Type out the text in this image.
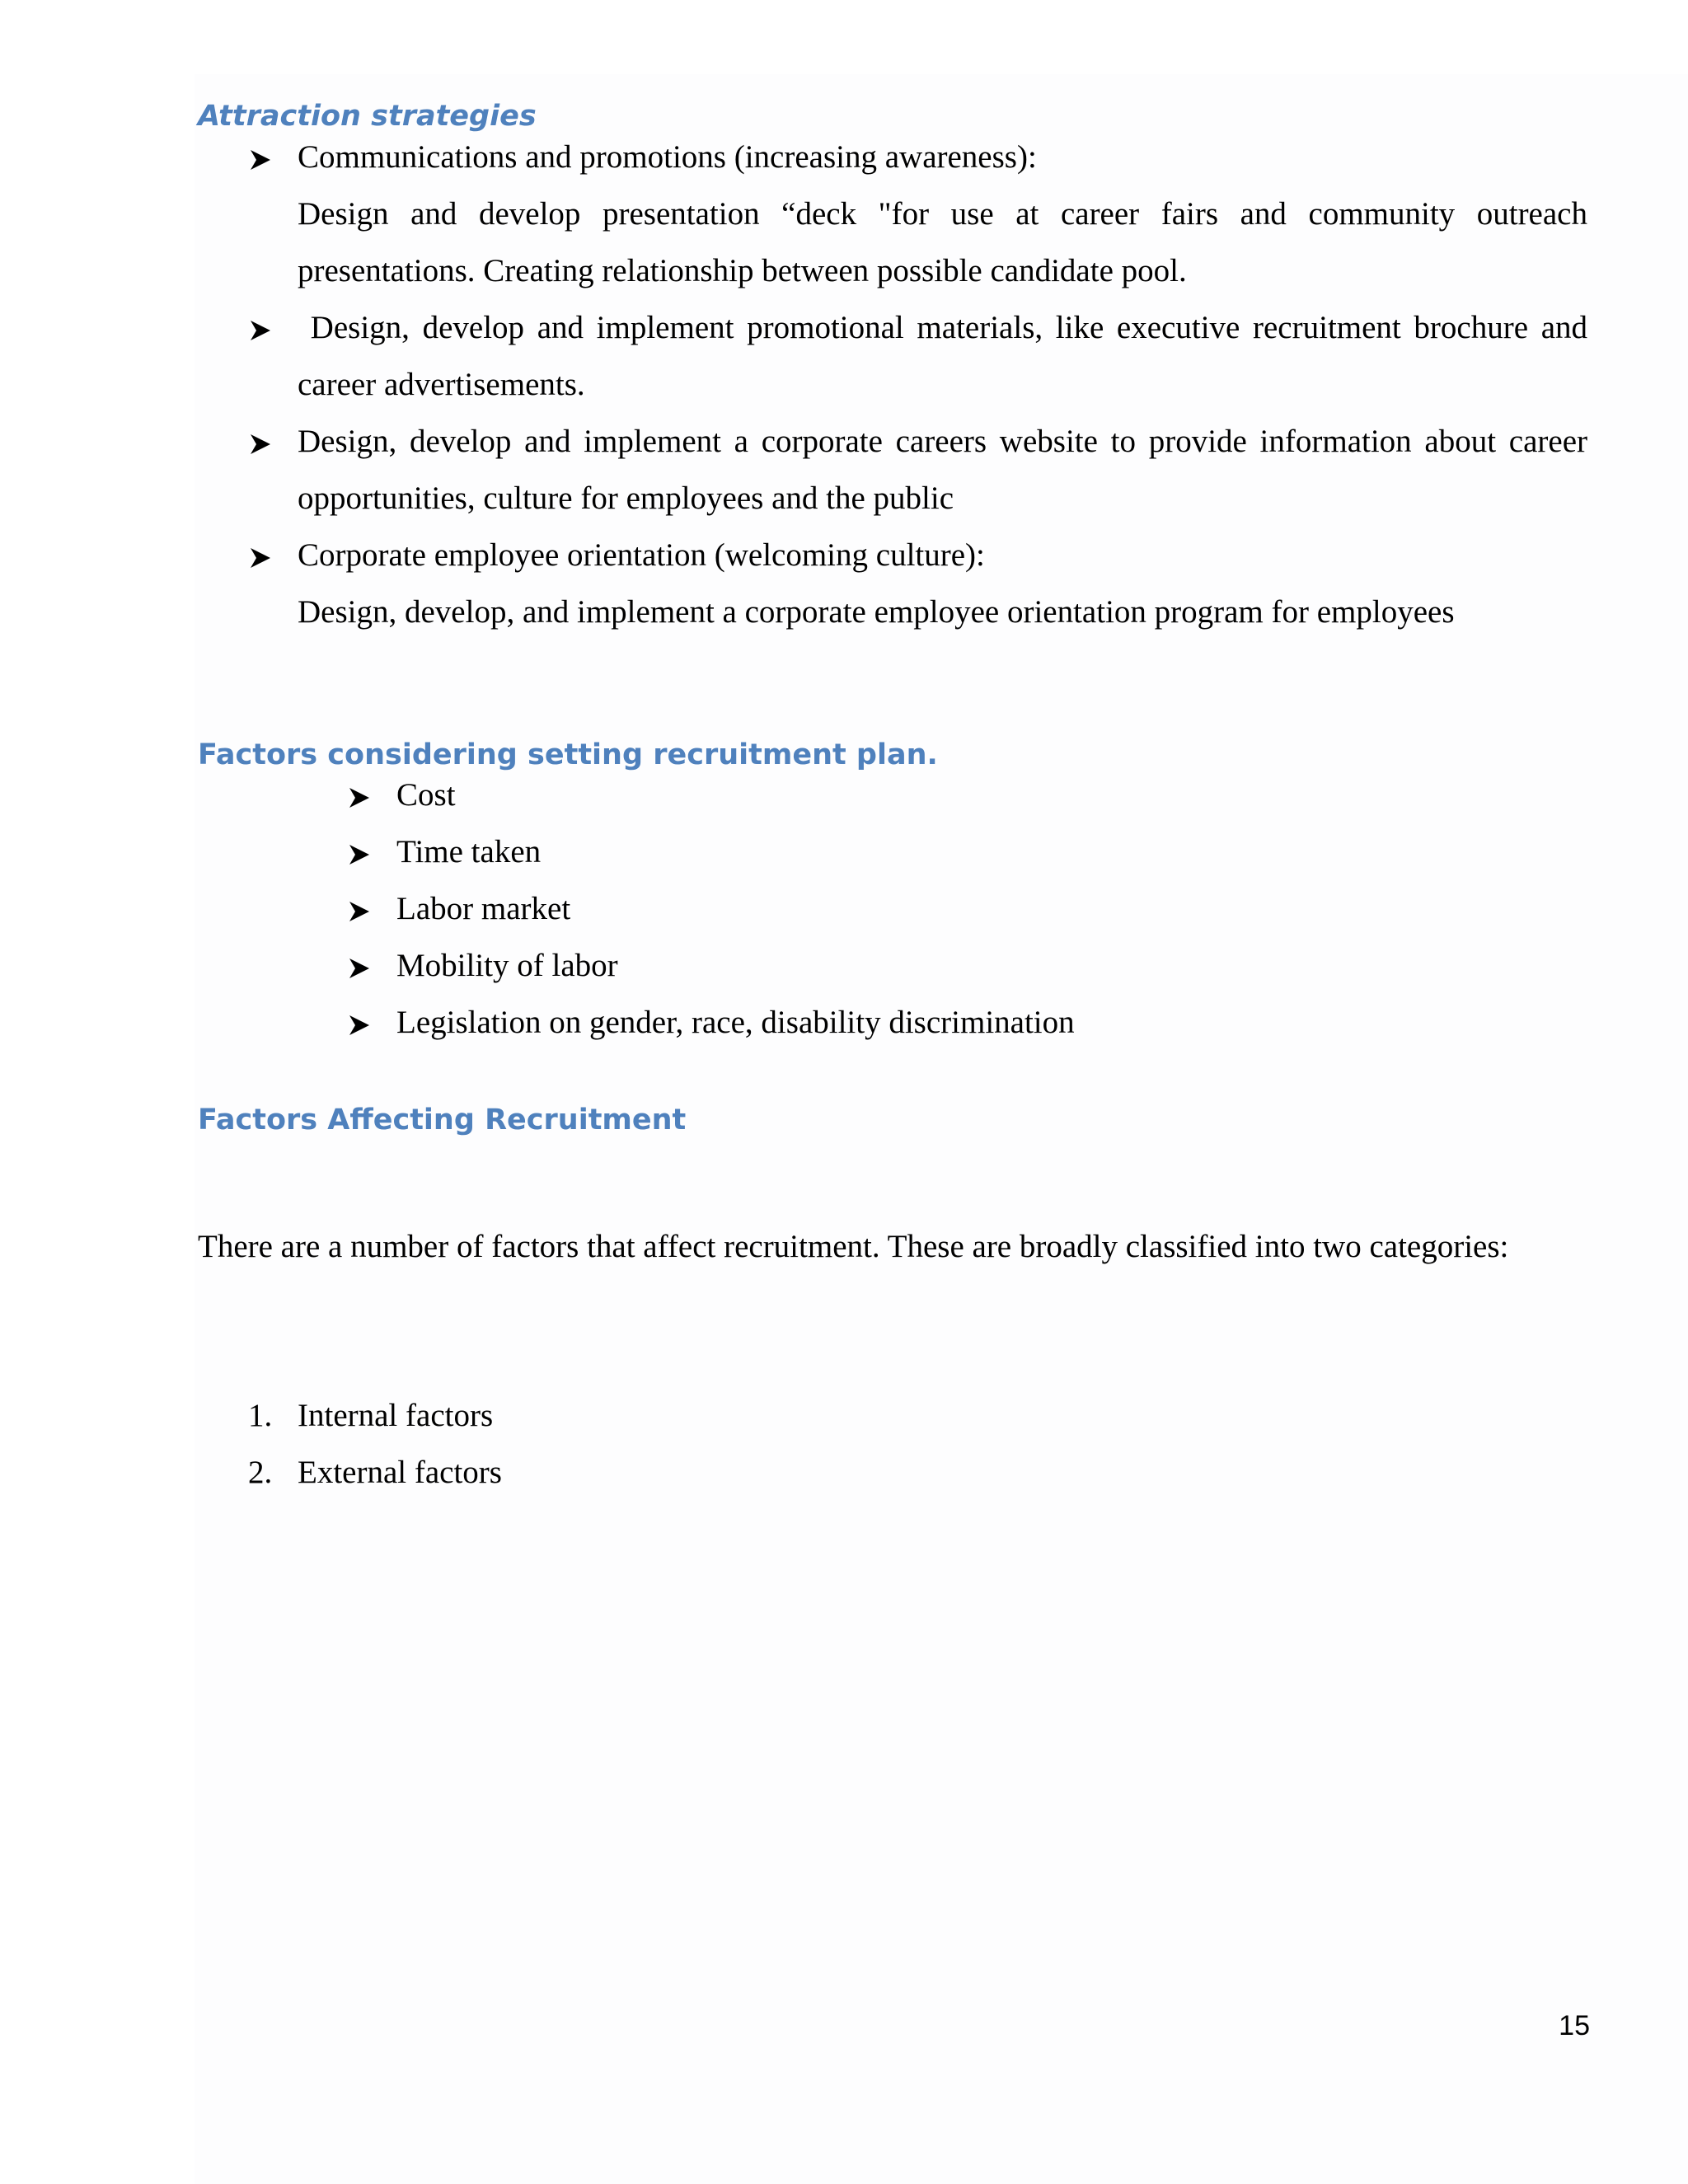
Attraction strategies
Communications and promotions (increasing awareness):
Design and develop presentation “deck "for use at career fairs and community outreach
presentations. Creating relationship between possible candidate pool.
Design, develop and implement promotional materials, like executive recruitment brochure and
career advertisements.
Design, develop and implement a corporate careers website to provide information about career
opportunities, culture for employees and the public
Corporate employee orientation (welcoming culture):
Design, develop, and implement a corporate employee orientation program for employees
Factors considering setting recruitment plan.
Cost
Time taken
Labor market
Mobility of labor
Legislation on gender, race, disability discrimination
Factors Affecting Recruitment
There are a number of factors that affect recruitment. These are broadly classified into two categories:
1. Internal factors
2. External factors
15
